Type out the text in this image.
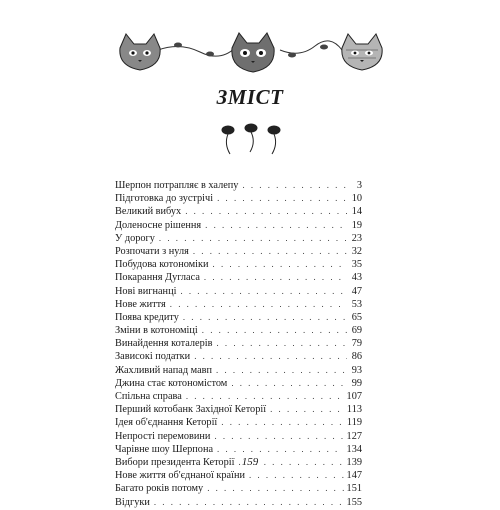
ЗМІСТ
Шерпон потрапляє в халепу . . .	3
Підготовка до зустрічі . . .	10
Великий вибух . . .	14
Доленосне рішення . . .	19
У дорогу . . .	23
Розпочати з нуля . . .	32
Побудова котономіки . . .	35
Покарання Дугласа . . .	43
Нові вигнанці . . .	47
Нове життя . . .	53
Поява кредиту . . .	65
Зміни в котономіці . . .	69
Винайдення коталерів . . .	79
Зависокі податки . . .	86
Жахливий напад мавп . . .	93
Джина стає котономістом . . .	99
Спільна справа . . .	107
Перший котобанк Західної Кеторії . . .	113
Ідея об'єднання Кеторії . . .	119
Непрості перемовини . . .	127
Чарівне шоу Шерпона . . .	134
Вибори президента Кеторії . . .	139
Нове життя об'єднаної країни . . .	147
Багато років потому . . .	151
Відгуки . . .	155
159
